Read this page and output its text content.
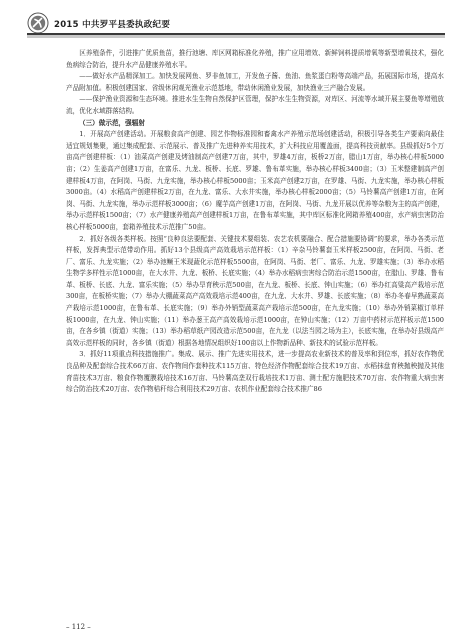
2015 中共罗平县委执政纪要

区养殖条件，引进推广优质鱼苗，推行池塘、库区网箱标准化养殖，推广应用增效、新鲜饲料提质增氧等新型增氧技术，强化鱼病综合防治，提升水产品健康养殖水平。

——做好水产品精深加工。加快发展网鱼、罗非鱼加工，开发鱼子酱、鱼油、鱼浆蛋白粉等高端产品，拓展国际市场，提高水产品附加值。积极创建国家、省级休闲观光渔业示范基地，带动休闲渔业发展，加快渔业三产融合发展。

——保护渔业资源和生态环境。推进水生生物自然保护区管理，保护水生生物资源，对库区、河流等水域开展主要鱼等增殖放流，优化水域群落结构。

（三）做示范，强辐射

1．开展高产创建活动。开展粮食高产创建、园艺作物标准园和畜禽水产养殖示范场创建活动，积极引导各类生产要素向最佳适宜规划集聚，通过集成配套、示范展示、普及推广先进种养实用技术，扩大科技应用覆盖面，提高科技贡献率。县级抓好5个万亩高产创建样板：（1）油菜高产创建及烤油制高产创建7万亩，其中，罗雄4万亩，板桥2万亩，腊山1万亩，举办核心样板5000亩；（2）生姜高产创建1万亩，在富乐、九龙、板桥、长底、罗雄、鲁布革实施，举办核心样板3400亩；（3）玉米整建制高产创建样板4万亩，在阿岗、马街、九龙实施，举办核心样板5000亩；玉米高产创建2万亩，在罗雄、马街、九龙实施，举办核心样板3000亩。（4）水稻高产创建样板2万亩，在九龙、富乐、大水井实施，举办核心样板2000亩；（5）马铃薯高产创建1万亩，在阿岗、马街、九龙实施，举办示范样板3000亩；（6）魔芋高产创建1万亩，在阿岗、马街、九龙开展以优养等杂粮为主的高产创建，举办示范样板1500亩；（7）水产健康养殖高产创建样板1万亩，在鲁布革实施，其中库区标准化网箱养殖400亩，水产病虫害防治核心样板5000亩，套箱养殖技术示范推广50亩。

2．抓好各级各类样板。按照“良种良法要配套、关键技术要组装、农艺农机要融合、配合措施要协调”的要求，举办各类示范样板，发挥典型示范带动作用。抓好13个县级高产高效栽培示范样板：（1）辛杂马铃薯套玉米样板2500亩，在阿岗、马街、老厂、富乐、九龙实施；（2）举办池鳜王米现蔬化示范样板5500亩，在阿岗、马街、老厂、富乐、九龙、罗雄实施；（3）举办水稻生物学多样性示范1000亩，在大水井、九龙、板桥、长底实施；（4）举办水稻病虫害综合防治示范1500亩，在腊山、罗雄、鲁布革、板桥、长底、九龙、富乐实施；（5）举办旱育秧示范500亩，在九龙、板桥、长底、钟山实施；（6）举办红高粱高产栽培示范300亩，在板桥实施；（7）举办大棚蔬菜高产高效栽培示范400亩，在九龙、大水井、罗雄、长底实施；（8）举办冬春早熟蔬菜高产栽培示范1000亩，在鲁布革、长底实施；（9）举办外销型蔬菜高产栽培示范500亩，在九龙实施；（10）举办外销菜椒订单样板1000亩，在九龙、钟山实施；（11）举办葱王高产高效栽培示范1000亩，在钟山实施；（12）万亩中药材示范样板示范1500亩，在各乡镇（街道）实施；（13）举办稻草纸产园改造示范500亩，在九龙（以法当园之场为主），长底实施，在举办好县级高产高效示范样板的同时，各乡镇（街道）根据各地情况组织好100亩以上作物新品种、新技术的试验示范样板。

3．抓好11项重点科技措施推广。集成、展示、推广先进实用技术，进一步提高农业新技术的普及率和到位率，抓好农作物优良品种及配套综合技术66万亩、农作物间作套种技术115万亩、特色经济作物配套综合技术19万亩、水稻抹盘育秧抛秧抛及其他育苗技术3万亩、粮食作物覆膜栽培技术16万亩、马铃薯高垄双行栽培技术1万亩、测土配方施肥技术70万亩、农作物重大病虫害综合防治技术20万亩、农作物秸秆综合利用技术29万亩、农机作业配套综合技术推广86

– 112 –
